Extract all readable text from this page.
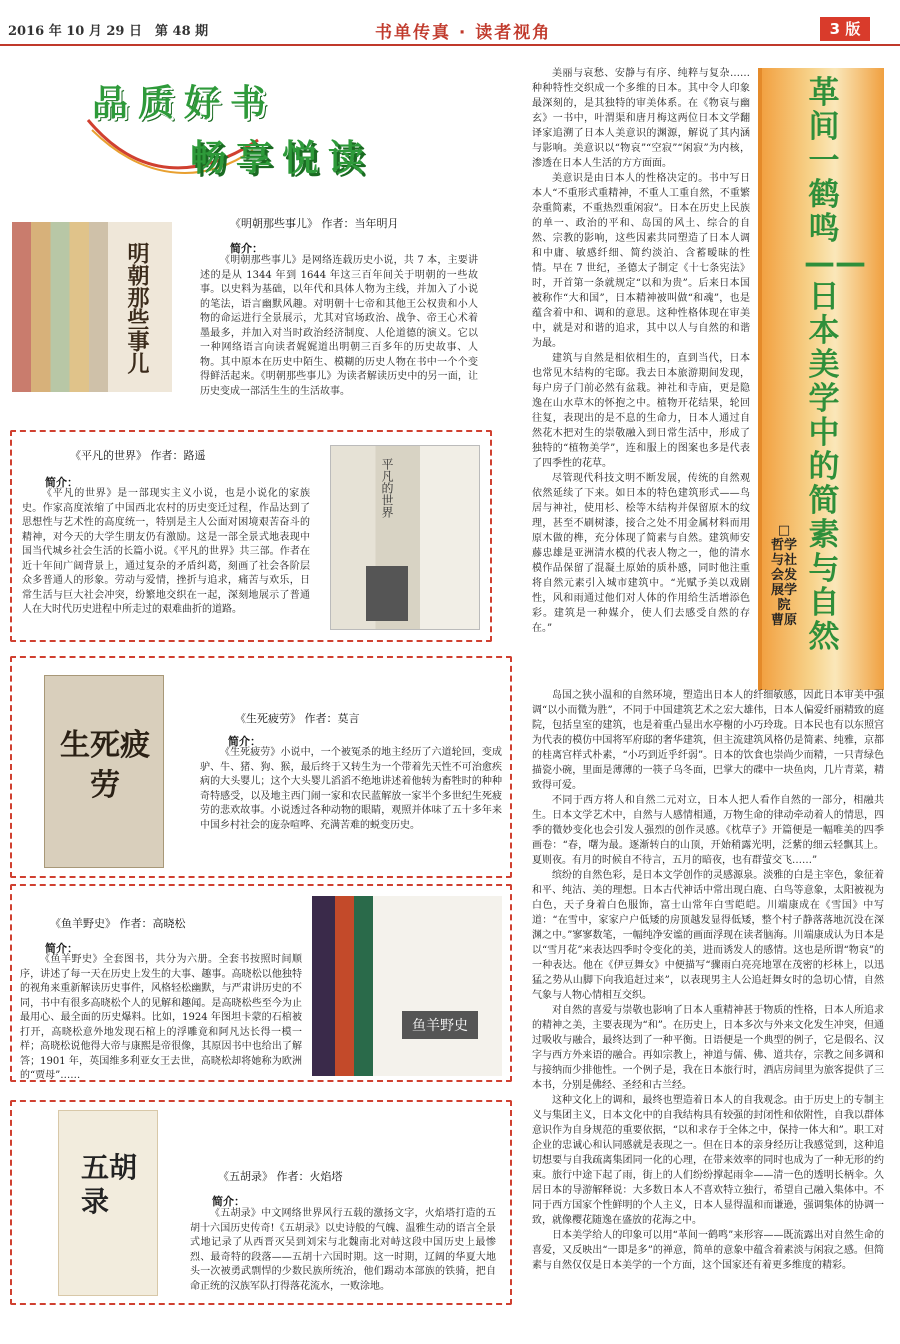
2016 年 10 月 29 日　第 48 期	书单传真 · 读者视角	3 版
品质好书
畅享悦读
明朝那些事儿
《明朝那些事儿》 作者：当年明月
简介：
《明朝那些事儿》是网络连载历史小说，共 7 本，主要讲述的是从 1344 年到 1644 年这三百年间关于明朝的一些故事。以史料为基础，以年代和具体人物为主线，并加入了小说的笔法，语言幽默风趣。对明朝十七帝和其他王公权贵和小人物的命运进行全景展示，尤其对官场政治、战争、帝王心术着墨最多，并加入对当时政治经济制度、人伦道德的演义。它以一种网络语言向读者娓娓道出明朝三百多年的历史故事、人物。其中原本在历史中陌生、模糊的历史人物在书中一个个变得鲜活起来。《明朝那些事儿》为读者解读历史中的另一面，让历史变成一部活生生的生活故事。
《平凡的世界》 作者：路遥
简介：
《平凡的世界》是一部现实主义小说，也是小说化的家族史。作家高度浓缩了中国西北农村的历史变迁过程，作品达到了思想性与艺术性的高度统一，特别是主人公面对困境艰苦奋斗的精神，对今天的大学生朋友仍有激励。这是一部全景式地表现中国当代城乡社会生活的长篇小说。《平凡的世界》共三部。作者在近十年间广阔背景上，通过复杂的矛盾纠葛，刻画了社会各阶层众多普通人的形象。劳动与爱情，挫折与追求，痛苦与欢乐，日常生活与巨大社会冲突，纷繁地交织在一起，深刻地展示了普通人在大时代历史进程中所走过的艰难曲折的道路。
平凡的世界
生死疲劳
《生死疲劳》 作者：莫言
简介：
《生死疲劳》小说中，一个被冤杀的地主经历了六道轮回，变成驴、牛、猪、狗、猴，最后终于又转生为一个带着先天性不可治愈疾病的大头婴儿；这个大头婴儿滔滔不绝地讲述着他转为畜牲时的种种奇特感受，以及地主西门闹一家和农民蓝解放一家半个多世纪生死疲劳的悲欢故事。小说透过各种动物的眼睛，观照并体味了五十多年来中国乡村社会的庞杂喧哗、充满苦难的蜕变历史。
《鱼羊野史》 作者：高晓松
简介：
《鱼羊野史》全套图书，共分为六册。全套书按照时间顺序，讲述了每一天在历史上发生的大事、趣事。高晓松以他独特的视角来重新解读历史事件，风格轻松幽默，与严肃讲历史的不同，书中有很多高晓松个人的见解和趣闻。是高晓松些至今为止最用心、最全面的历史爆料。比如，1924 年图坦卡蒙的石棺被打开，高晓松意外地发现石棺上的浮雕竟和阿凡达长得一模一样；高晓松说他得大帝与康熙是帝很像，其原因书中也给出了解答；1901 年，英国维多利亚女王去世，高晓松却将她称为欧洲的“贾母”……
鱼羊野史
五胡录
《五胡录》 作者：火焰塔
简介：
《五胡录》中文网络世界风行五载的激扬文字，火焰塔打造的五胡十六国历史传奇!《五胡录》以史诗般的气魄、温雅生动的语言全景式地记录了从西晋灭吴到刘宋与北魏南北对峙这段中国历史上最惨烈、最奇特的段落——五胡十六国时期。这一时期，辽阔的华夏大地头一次被勇武剽悍的少数民族所统治，他们踢动本部族的铁骑，把自命正统的汉族军队打得落花流水，一败涂地。

美丽与哀愁、安静与有序、纯粹与复杂……种种特性交织成一个多维的日本。其中令人印象最深刻的，是其独特的审美体系。在《物哀与幽玄》一书中，叶渭渠和唐月梅这两位日本文学翻译家追溯了日本人美意识的渊源，解说了其内涵与影响。美意识以“物哀”“空寂”“闲寂”为内核，渗透在日本人生活的方方面面。

美意识是由日本人的性格决定的。书中写日本人“不重形式重精神，不重人工重自然，不重繁杂重简素，不重热烈重闲寂”。日本在历史上民族的单一、政治的平和、岛国的风土、综合的自然、宗教的影响，这些因素共同塑造了日本人调和中庸、敏感纤细、简约淡泊、含蓄暧昧的性情。早在 7 世纪，圣德太子制定《十七条宪法》时，开首第一条就规定“以和为贵”。后来日本国被称作“大和国”，日本精神被叫做“和魂”，也是蕴含着中和、调和的意思。这种性格体现在审美中，就是对和谐的追求，其中以人与自然的和谐为最。

建筑与自然是相依相生的，直到当代，日本也常见木结构的宅邸。我去日本旅游期间发现，每户房子门前必然有盆栽。神社和寺庙，更是隐逸在山水草木的怀抱之中。植物开花结果，轮回往复，表现出的是不息的生命力，日本人通过自然花木把对生的崇敬融入到日常生活中，形成了独特的“植物美学”，连和服上的图案也多是代表了四季性的花草。

尽管现代科技文明不断发展，传统的自然观依然延续了下来。如日本的特色建筑形式——鸟居与神社，使用杉、桧等木结构并保留原木的纹理，甚至不刷树漆，接合之处不用金属材料而用原木做的榫，充分体现了简素与自然。建筑师安藤忠雄是亚洲清水模的代表人物之一，他的清水模作品保留了混凝土原始的质朴感，同时他注重将自然元素引入城市建筑中。“光赋予美以戏剧性，风和雨通过他们对人体的作用给生活增添色彩。建筑是一种媒介，使人们去感受自然的存在。”

革间一鹤鸣——日本美学中的简素与自然
□ 哲学与社会发展学院　曹原

岛国之狭小温和的自然环境，塑造出日本人的纤细敏感，因此日本审美中强调“以小而微为胜”，不同于中国建筑艺术之宏大雄伟，日本人偏爱纤丽精致的庭院，包括皇室的建筑，也是着重凸显出水亭榭的小巧玲珑。日本民也有以东照宫为代表的模仿中国将军府邸的奢华建筑，但主流建筑风格仍是简素、纯雅，京都的桂离宫样式朴素，“小巧到近乎纤弱”。日本的饮食也崇尚少而精，一只青绿色描瓷小碗，里面是薄薄的一筷子乌冬面，巴掌大的碟中一块鱼肉，几片青菜，精致得可爱。

不同于西方将人和自然二元对立，日本人把人看作自然的一部分，相融共生。日本文学艺术中，自然与人感情相通，万物生命的律动牵动着人的情思，四季的微妙变化也会引发人强烈的创作灵感。《枕草子》开篇便是一幅唯美的四季画卷：“春，曙为最。逐渐转白的山顶，开始稍露光明，泛紫的细云轻飘其上。夏则夜。有月的时候自不待言，五月的暗夜，也有群萤交飞……”

缤纷的自然色彩，是日本文学创作的灵感源泉。淡雅的白是主宰色，象征着和平、纯洁、美的理想。日本古代神话中常出现白鹿、白鸟等意象，太阳被视为白色，天子身着白色服饰，富士山常年白雪皑皑。川端康成在《雪国》中写道：“在雪中，家家户户低矮的房顶越发显得低矮，整个村子静落落地沉没在深渊之中。”寥寥数笔，一幅纯净安谧的画面浮现在读者脑海。川端康成认为日本是以“雪月花”来表达四季时令变化的美，进而诱发人的感情。这也是所谓“物哀”的一种表达。他在《伊豆舞女》中便描写“骤雨白亮亮地罩在茂密的杉林上，以迅猛之势从山脚下向我追赶过来”，以表现男主人公追赶舞女时的急切心情，自然气象与人物心情相互交织。

对自然的喜爱与崇敬也影响了日本人重精神甚于物质的性格，日本人所追求的精神之美，主要表现为“和”。在历史上，日本多次与外来文化发生冲突，但通过吸收与融合，最终达到了一种平衡。日语便是一个典型的例子，它是假名、汉字与西方外来语的融合。再如宗教上，神道与儒、佛、道共存，宗教之间多调和与接纳而少排他性。一个例子是，我在日本旅行时，酒店房间里为旅客提供了三本书，分别是佛经、圣经和古兰经。

这种文化上的调和，最终也塑造着日本人的自我观念。由于历史上的专制主义与集团主义，日本文化中的自我结构具有较强的封闭性和依附性，自我以群体意识作为自身规范的重要依据，“以和求存于全体之中，保持一体大和”。职工对企业的忠诚心和认同感就是表现之一。但在日本的亲身经历让我感觉到，这种追切想要与自我疏离集团同一化的心理，在带来效率的同时也成为了一种无形的约束。旅行中途下起了雨，街上的人们纷纷撑起雨伞——清一色的透明长柄伞。久居日本的导游解释说：大多数日本人不喜欢特立独行，希望自己融入集体中。不同于西方国家个性鲜明的个人主义，日本人显得温和而谦逊，强调集体的协调一致，就像樱花随逸在盛放的花海之中。

日本美学给人的印象可以用“革间一鹤鸣”来形容——既流露出对自然生命的喜爱，又反映出“一即是多”的禅意，简单的意象中蕴含着素淡与闲寂之感。但简素与自然仅仅是日本美学的一个方面，这个国家还有着更多维度的精彩。
